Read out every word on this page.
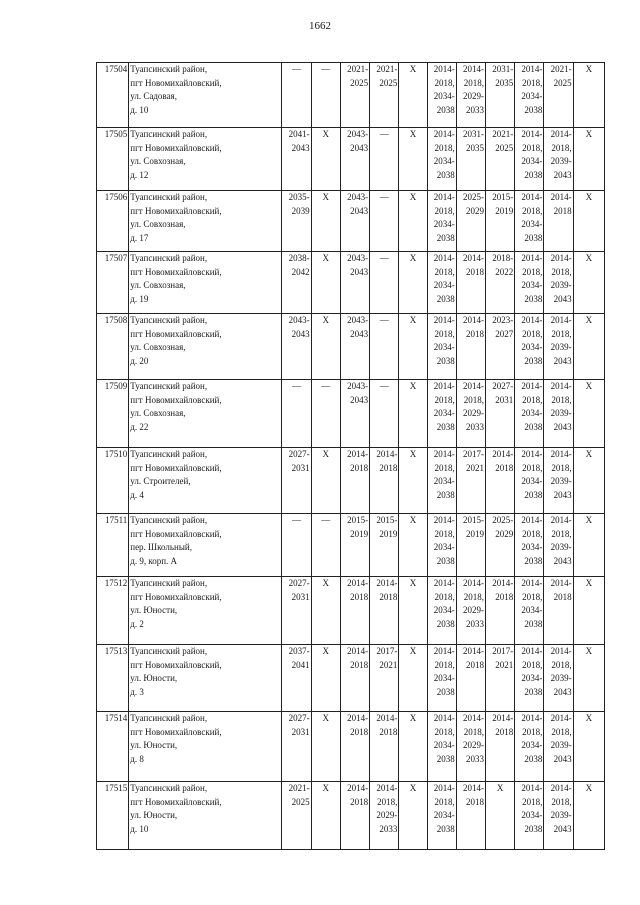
1662
17504	Туапсинский район,
пгт Новомихайловский,
ул. Садовая,
д. 10	—	—	2021-
2025	2021-
2025	X	2014-
2018,
2034-
2038	2014-
2018,
2029-
2033	2031-
2035	2014-
2018,
2034-
2038	2021-
2025	X

17505	Туапсинский район,
пгт Новомихайловский,
ул. Совхозная,
д. 12	2041-
2043	X	2043-
2043	—	X	2014-
2018,
2034-
2038	2031-
2035	2021-
2025	2014-
2018,
2034-
2038	2014-
2018,
2039-
2043	X

17506	Туапсинский район,
пгт Новомихайловский,
ул. Совхозная,
д. 17	2035-
2039	X	2043-
2043	—	X	2014-
2018,
2034-
2038	2025-
2029	2015-
2019	2014-
2018,
2034-
2038	2014-
2018	X

17507	Туапсинский район,
пгт Новомихайловский,
ул. Совхозная,
д. 19	2038-
2042	X	2043-
2043	—	X	2014-
2018,
2034-
2038	2014-
2018	2018-
2022	2014-
2018,
2034-
2038	2014-
2018,
2039-
2043	X

17508	Туапсинский район,
пгт Новомихайловский,
ул. Совхозная,
д. 20	2043-
2043	X	2043-
2043	—	X	2014-
2018,
2034-
2038	2014-
2018	2023-
2027	2014-
2018,
2034-
2038	2014-
2018,
2039-
2043	X

17509	Туапсинский район,
пгт Новомихайловский,
ул. Совхозная,
д. 22	—	—	2043-
2043	—	X	2014-
2018,
2034-
2038	2014-
2018,
2029-
2033	2027-
2031	2014-
2018,
2034-
2038	2014-
2018,
2039-
2043	X

17510	Туапсинский район,
пгт Новомихайловский,
ул. Строителей,
д. 4	2027-
2031	X	2014-
2018	2014-
2018	X	2014-
2018,
2034-
2038	2017-
2021	2014-
2018	2014-
2018,
2034-
2038	2014-
2018,
2039-
2043	X

17511	Туапсинский район,
пгт Новомихайловский,
пер. Школьный,
д. 9, корп. А	—	—	2015-
2019	2015-
2019	X	2014-
2018,
2034-
2038	2015-
2019	2025-
2029	2014-
2018,
2034-
2038	2014-
2018,
2039-
2043	X

17512	Туапсинский район,
пгт Новомихайловский,
ул. Юности,
д. 2	2027-
2031	X	2014-
2018	2014-
2018	X	2014-
2018,
2034-
2038	2014-
2018,
2029-
2033	2014-
2018	2014-
2018,
2034-
2038	2014-
2018	X

17513	Туапсинский район,
пгт Новомихайловский,
ул. Юности,
д. 3	2037-
2041	X	2014-
2018	2017-
2021	X	2014-
2018,
2034-
2038	2014-
2018	2017-
2021	2014-
2018,
2034-
2038	2014-
2018,
2039-
2043	X

17514	Туапсинский район,
пгт Новомихайловский,
ул. Юности,
д. 8	2027-
2031	X	2014-
2018	2014-
2018	X	2014-
2018,
2034-
2038	2014-
2018,
2029-
2033	2014-
2018	2014-
2018,
2034-
2038	2014-
2018,
2039-
2043	X

17515	Туапсинский район,
пгт Новомихайловский,
ул. Юности,
д. 10	2021-
2025	X	2014-
2018	2014-
2018,
2029-
2033	X	2014-
2018,
2034-
2038	2014-
2018	X	2014-
2018,
2034-
2038	2014-
2018,
2039-
2043	X
